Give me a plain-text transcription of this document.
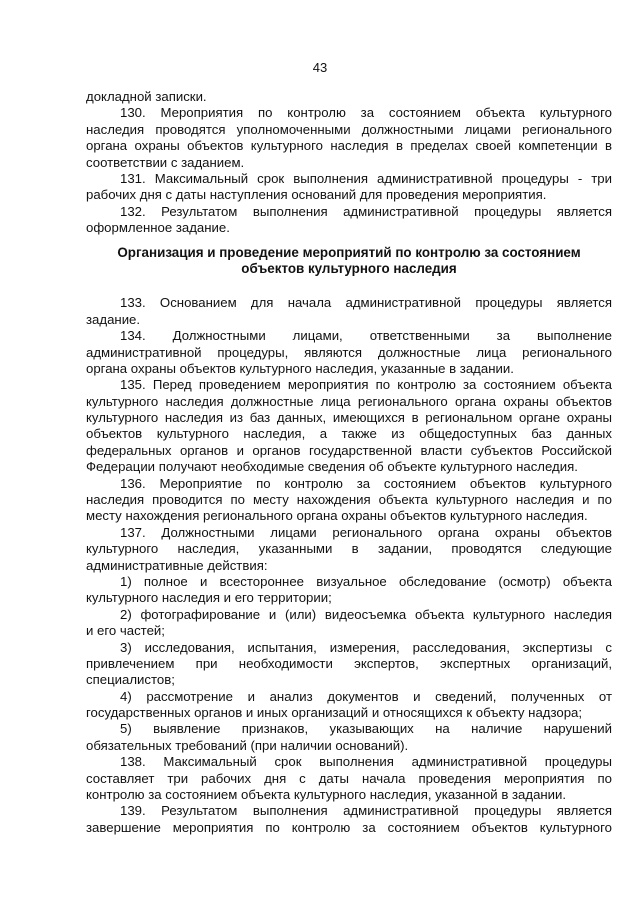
43
докладной записки.
130. Мероприятия по контролю за состоянием объекта культурного
наследия проводятся уполномоченными должностными лицами регионального
органа охраны объектов культурного наследия в пределах своей компетенции в
соответствии с заданием.
131. Максимальный срок выполнения административной процедуры - три
рабочих дня с даты наступления оснований для проведения мероприятия.
132. Результатом выполнения административной процедуры является
оформленное задание.
Организация и проведение мероприятий по контролю за состоянием
объектов культурного наследия
133. Основанием для начала административной процедуры является
задание.
134. Должностными лицами, ответственными за выполнение
административной процедуры, являются должностные лица регионального
органа охраны объектов культурного наследия, указанные в задании.
135. Перед проведением мероприятия по контролю за состоянием объекта
культурного наследия должностные лица регионального органа охраны объектов
культурного наследия из баз данных, имеющихся в региональном органе охраны
объектов культурного наследия, а также из общедоступных баз данных
федеральных органов и органов государственной власти субъектов Российской
Федерации получают необходимые сведения об объекте культурного наследия.
136. Мероприятие по контролю за состоянием объектов культурного
наследия проводится по месту нахождения объекта культурного наследия и по
месту нахождения регионального органа охраны объектов культурного наследия.
137. Должностными лицами регионального органа охраны объектов
культурного наследия, указанными в задании, проводятся следующие
административные действия:
1) полное и всестороннее визуальное обследование (осмотр) объекта
культурного наследия и его территории;
2) фотографирование и (или) видеосъемка объекта культурного наследия
и его частей;
3) исследования, испытания, измерения, расследования, экспертизы с
привлечением при необходимости экспертов, экспертных организаций,
специалистов;
4) рассмотрение и анализ документов и сведений, полученных от
государственных органов и иных организаций и относящихся к объекту надзора;
5) выявление признаков, указывающих на наличие нарушений
обязательных требований (при наличии оснований).
138. Максимальный срок выполнения административной процедуры
составляет три рабочих дня с даты начала проведения мероприятия по
контролю за состоянием объекта культурного наследия, указанной в задании.
139. Результатом выполнения административной процедуры является
завершение мероприятия по контролю за состоянием объектов культурного
